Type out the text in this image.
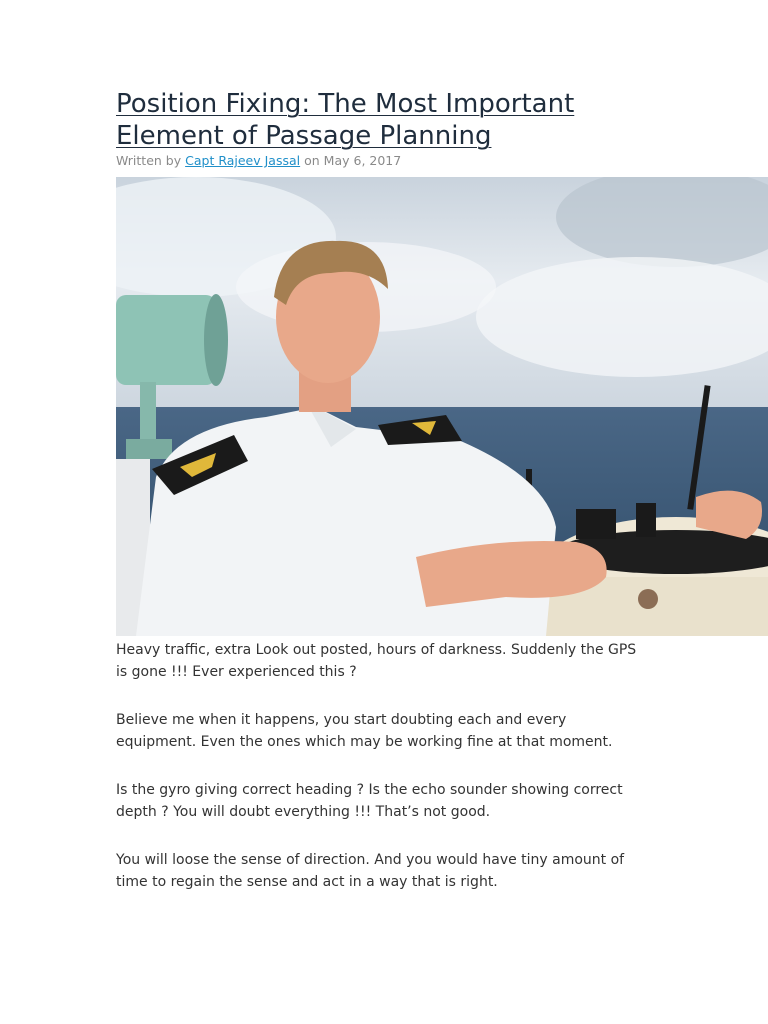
Position Fixing: The Most Important Element of Passage Planning
Written by Capt Rajeev Jassal on May 6, 2017

Heavy traffic, extra Look out posted, hours of darkness. Suddenly the GPS is gone !!! Ever experienced this ?

Believe me when it happens, you start doubting each and every equipment. Even the ones which may be working fine at that moment.

Is the gyro giving correct heading ? Is the echo sounder showing correct depth ? You will doubt everything !!! That’s not good.

You will loose the sense of direction. And you would have tiny amount of time to regain the sense and act in a way that is right.
